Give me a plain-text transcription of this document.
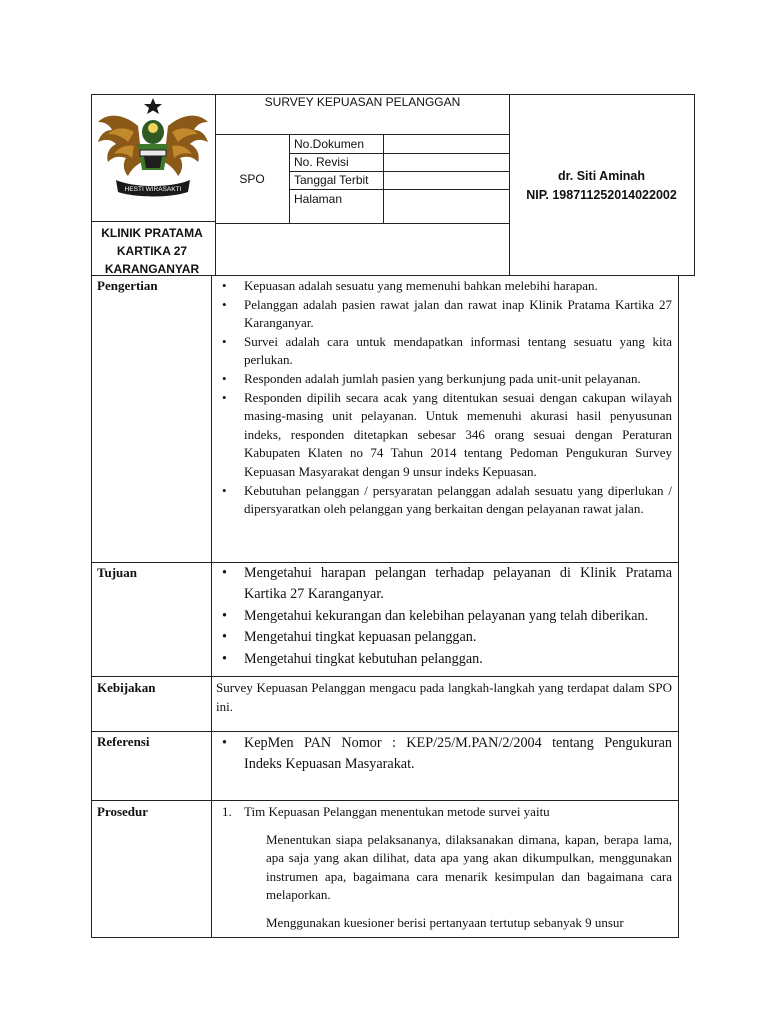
HESTI WIRASAKTI
SURVEY KEPUASAN PELANGGAN
SPO
No.Dokumen
No. Revisi
Tanggal Terbit
Halaman
dr. Siti Aminah
NIP. 198711252014022002
KLINIK PRATAMA KARTIKA 27 KARANGANYAR
Pengertian	• Kepuasan adalah sesuatu yang memenuhi bahkan melebihi harapan.
• Pelanggan adalah pasien rawat jalan dan rawat inap Klinik Pratama Kartika 27 Karanganyar.
• Survei adalah cara untuk mendapatkan informasi tentang sesuatu yang kita perlukan.
• Responden adalah jumlah pasien yang berkunjung pada unit-unit pelayanan.
• Responden dipilih secara acak yang ditentukan sesuai dengan cakupan wilayah masing-masing unit pelayanan. Untuk memenuhi akurasi hasil penyusunan indeks, responden ditetapkan sebesar 346 orang sesuai dengan Peraturan Kabupaten Klaten no 74 Tahun 2014 tentang Pedoman Pengukuran Survey Kepuasan Masyarakat dengan 9 unsur indeks Kepuasan.
• Kebutuhan pelanggan / persyaratan pelanggan adalah sesuatu yang diperlukan / dipersyaratkan oleh pelanggan yang berkaitan dengan pelayanan rawat jalan.
Tujuan	• Mengetahui harapan pelangan terhadap pelayanan di Klinik Pratama Kartika 27 Karanganyar.
• Mengetahui kekurangan dan kelebihan pelayanan yang telah diberikan.
• Mengetahui tingkat kepuasan pelanggan.
• Mengetahui tingkat kebutuhan pelanggan.
Kebijakan	Survey Kepuasan Pelanggan mengacu pada langkah-langkah yang terdapat dalam SPO ini.
Referensi	• KepMen PAN Nomor : KEP/25/M.PAN/2/2004 tentang Pengukuran Indeks Kepuasan Masyarakat.
Prosedur	1. Tim Kepuasan Pelanggan menentukan metode survei yaitu
Menentukan siapa pelaksananya, dilaksanakan dimana, kapan, berapa lama, apa saja yang akan dilihat, data apa yang akan dikumpulkan, menggunakan instrumen apa, bagaimana cara menarik kesimpulan dan bagaimana cara melaporkan.
Menggunakan kuesioner berisi pertanyaan tertutup sebanyak 9 unsur
